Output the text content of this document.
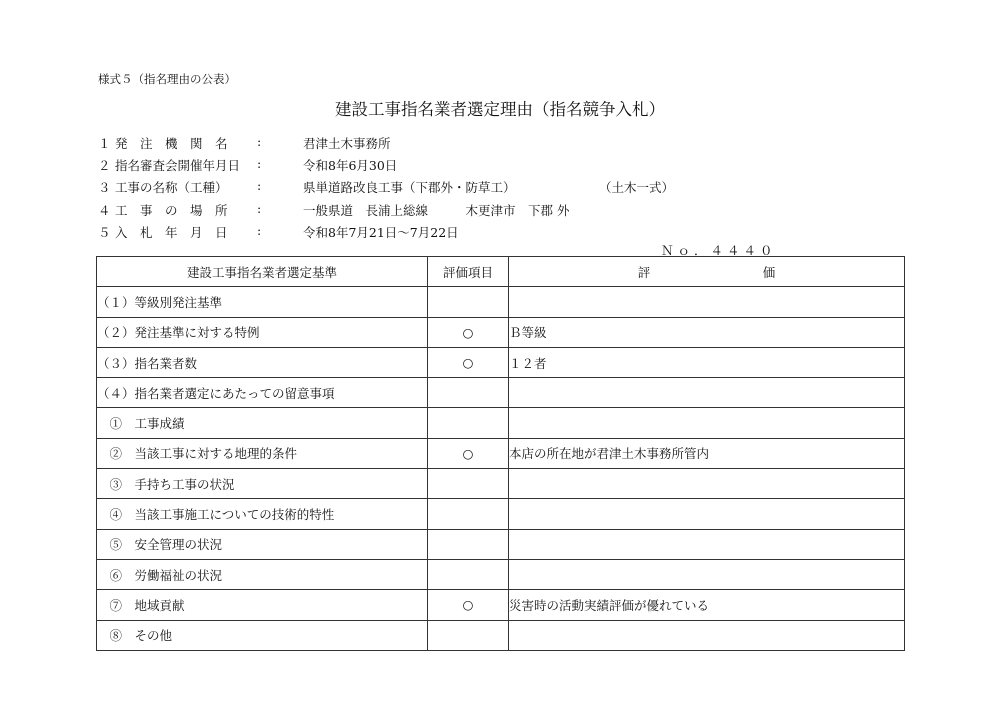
様式５（指名理由の公表）
建設工事指名業者選定理由（指名競争入札）
１ 発　注　機　関　名 :	君津土木事務所
２ 指名審査会開催年月日 :	令和8年6月30日
３ 工事の名称（工種） :	県単道路改良工事（下郡外・防草工）	（土木一式）
４ 工　事　の　場　所 :	一般県道　長浦上総線　　　木更津市　下郡 外
５ 入　札　年　月　日 :	令和8年7月21日～7月22日
Ｎｏ．４４４０
建設工事指名業者選定基準	評価項目	評　　　　　　　　　価
（１）等級別発注基準		
（２）発注基準に対する特例	○	Ｂ等級
（３）指名業者数	○	１２者
（４）指名業者選定にあたっての留意事項		
　①　工事成績		
　②　当該工事に対する地理的条件	○	本店の所在地が君津土木事務所管内
　③　手持ち工事の状況		
　④　当該工事施工についての技術的特性		
　⑤　安全管理の状況		
　⑥　労働福祉の状況		
　⑦　地域貢献	○	災害時の活動実績評価が優れている
　⑧　その他		
